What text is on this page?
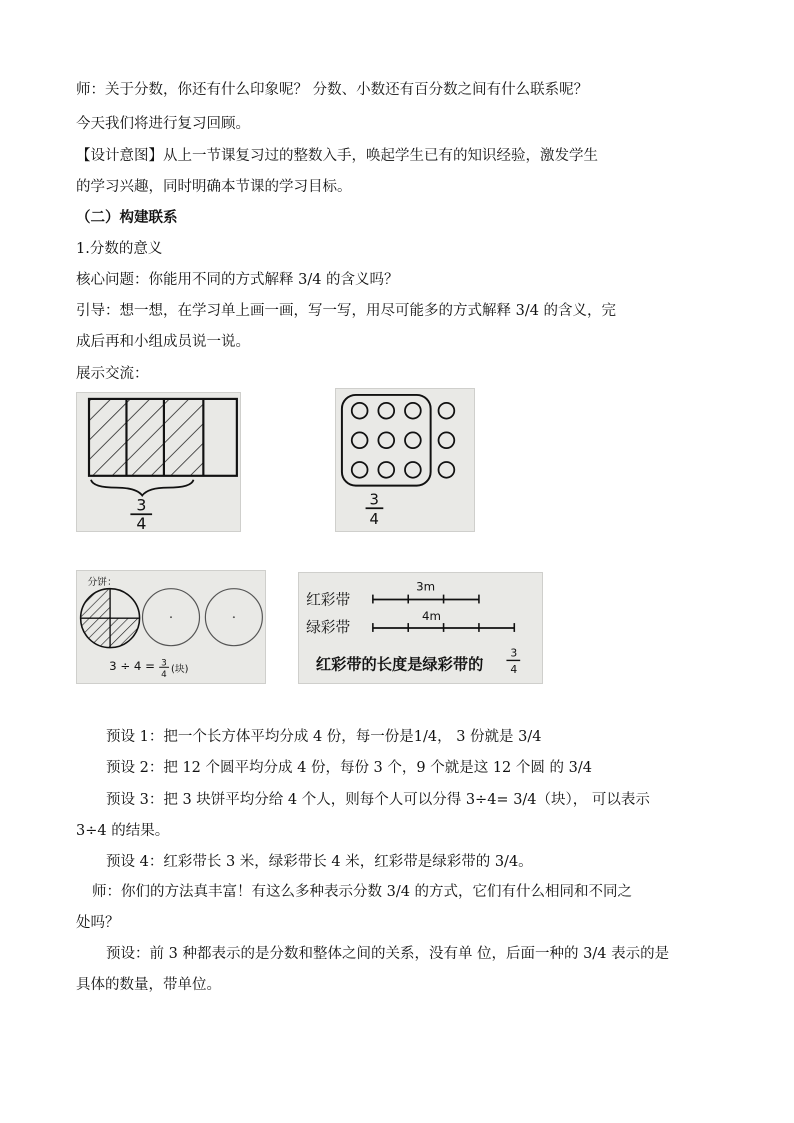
师：关于分数，你还有什么印象呢？ 分数、小数还有百分数之间有什么联系呢？
今天我们将进行复习回顾。
【设计意图】从上一节课复习过的整数入手，唤起学生已有的知识经验，激发学生
的学习兴趣，同时明确本节课的学习目标。
（二）构建联系
1.分数的意义
核心问题：你能用不同的方式解释 3/4 的含义吗？
引导：想一想，在学习单上画一画，写一写，用尽可能多的方式解释 3/4 的含义，完
成后再和小组成员说一说。
展示交流：
3
4
3
4
分饼：
3 ÷ 4 = 3
4 (块)
红彩带
3m
绿彩带
4m
红彩带的长度是绿彩带的
3
4
预设 1：把一个长方体平均分成 4 份，每一份是1/4， 3 份就是 3/4
预设 2：把 12 个圆平均分成 4 份，每份 3 个，9 个就是这 12 个圆 的 3/4
预设 3：把 3 块饼平均分给 4 个人，则每个人可以分得 3÷4= 3/4（块）， 可以表示
3÷4 的结果。
预设 4：红彩带长 3 米，绿彩带长 4 米，红彩带是绿彩带的 3/4。
师：你们的方法真丰富！有这么多种表示分数 3/4 的方式，它们有什么相同和不同之
处吗？
预设：前 3 种都表示的是分数和整体之间的关系，没有单 位，后面一种的 3/4 表示的是
具体的数量，带单位。
